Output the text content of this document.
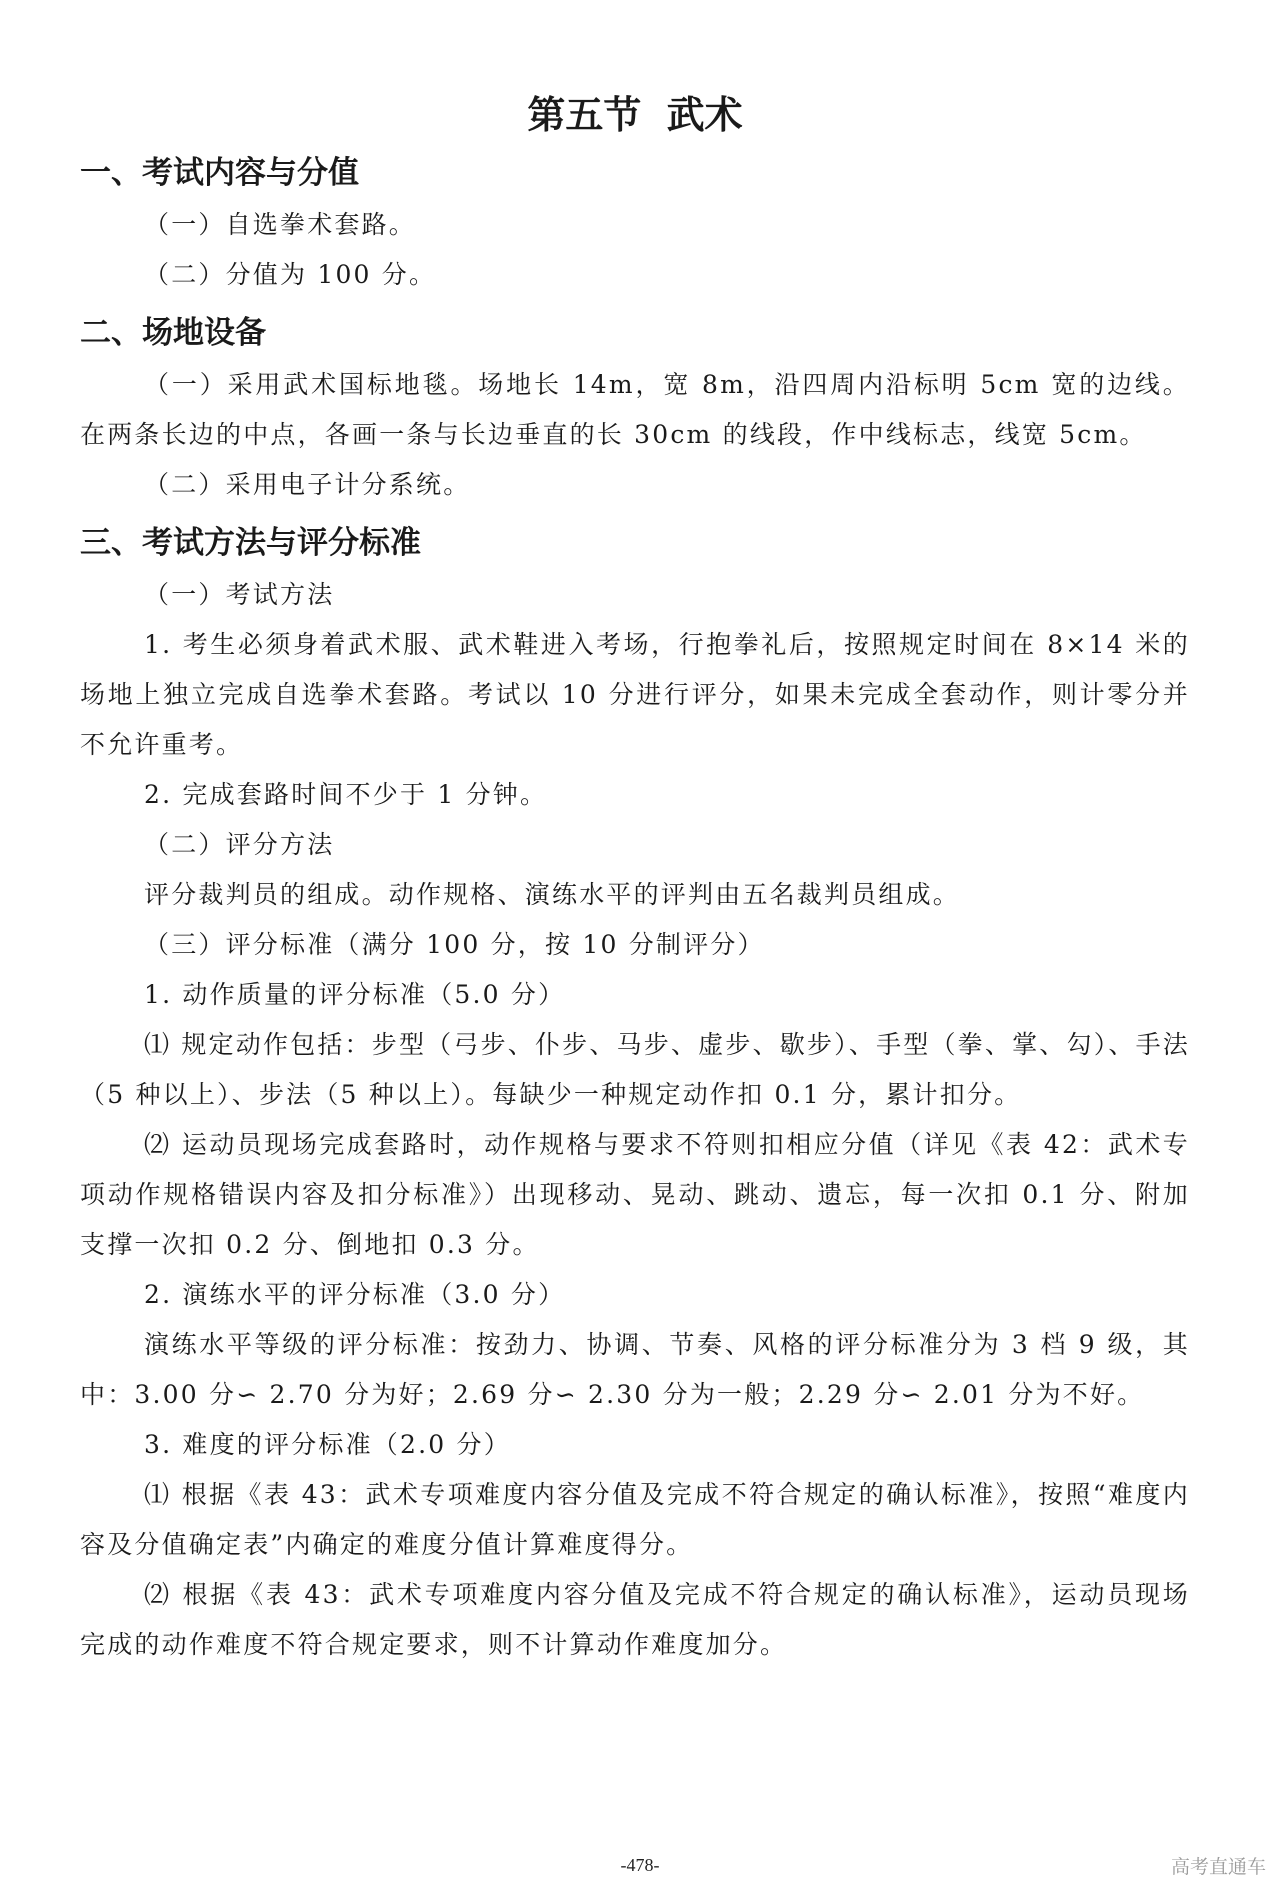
第五节 武术
一、考试内容与分值

（一）自选拳术套路。

（二）分值为 100 分。

二、场地设备

（一）采用武术国标地毯。场地长 14m，宽 8m，沿四周内沿标明 5cm 宽的边线。在两条长边的中点，各画一条与长边垂直的长 30cm 的线段，作中线标志，线宽 5cm。

（二）采用电子计分系统。

三、考试方法与评分标准

（一）考试方法

1. 考生必须身着武术服、武术鞋进入考场，行抱拳礼后，按照规定时间在 8×14 米的场地上独立完成自选拳术套路。考试以 10 分进行评分，如果未完成全套动作，则计零分并不允许重考。

2. 完成套路时间不少于 1 分钟。

（二）评分方法

评分裁判员的组成。动作规格、演练水平的评判由五名裁判员组成。

（三）评分标准（满分 100 分，按 10 分制评分）

1. 动作质量的评分标准（5.0 分）

⑴ 规定动作包括：步型（弓步、仆步、马步、虚步、歇步）、手型（拳、掌、勾）、手法（5 种以上）、步法（5 种以上）。每缺少一种规定动作扣 0.1 分，累计扣分。

⑵ 运动员现场完成套路时，动作规格与要求不符则扣相应分值（详见《表 42：武术专项动作规格错误内容及扣分标准》）出现移动、晃动、跳动、遗忘，每一次扣 0.1 分、附加支撑一次扣 0.2 分、倒地扣 0.3 分。

2. 演练水平的评分标准（3.0 分）

演练水平等级的评分标准：按劲力、协调、节奏、风格的评分标准分为 3 档 9 级，其中：3.00 分∽ 2.70 分为好；2.69 分∽ 2.30 分为一般；2.29 分∽ 2.01 分为不好。

3. 难度的评分标准（2.0 分）

⑴ 根据《表 43：武术专项难度内容分值及完成不符合规定的确认标准》，按照“难度内容及分值确定表”内确定的难度分值计算难度得分。

⑵ 根据《表 43：武术专项难度内容分值及完成不符合规定的确认标准》，运动员现场完成的动作难度不符合规定要求，则不计算动作难度加分。

-478-	高考直通车
